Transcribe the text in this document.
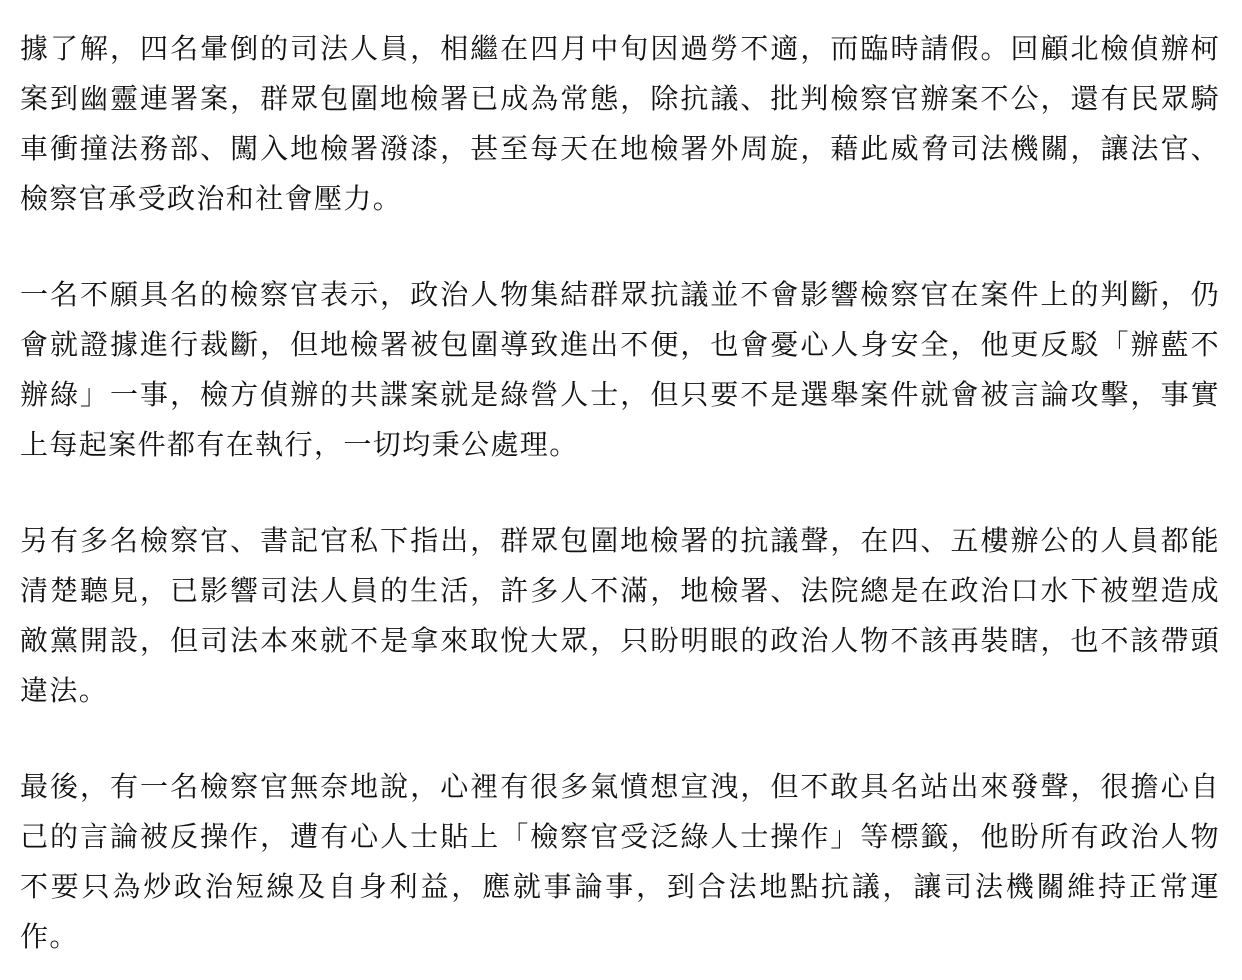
據了解，四名暈倒的司法人員，相繼在四月中旬因過勞不適，而臨時請假。回顧北檢偵辦柯案到幽靈連署案，群眾包圍地檢署已成為常態，除抗議、批判檢察官辦案不公，還有民眾騎車衝撞法務部、闖入地檢署潑漆，甚至每天在地檢署外周旋，藉此威脅司法機關，讓法官、檢察官承受政治和社會壓力。

一名不願具名的檢察官表示，政治人物集結群眾抗議並不會影響檢察官在案件上的判斷，仍會就證據進行裁斷，但地檢署被包圍導致進出不便，也會憂心人身安全，他更反駁「辦藍不辦綠」一事，檢方偵辦的共諜案就是綠營人士，但只要不是選舉案件就會被言論攻擊，事實上每起案件都有在執行，一切均秉公處理。

另有多名檢察官、書記官私下指出，群眾包圍地檢署的抗議聲，在四、五樓辦公的人員都能清楚聽見，已影響司法人員的生活，許多人不滿，地檢署、法院總是在政治口水下被塑造成敵黨開設，但司法本來就不是拿來取悅大眾，只盼明眼的政治人物不該再裝瞎，也不該帶頭違法。

最後，有一名檢察官無奈地說，心裡有很多氣憤想宣洩，但不敢具名站出來發聲，很擔心自己的言論被反操作，遭有心人士貼上「檢察官受泛綠人士操作」等標籤，他盼所有政治人物不要只為炒政治短線及自身利益，應就事論事，到合法地點抗議，讓司法機關維持正常運作。
